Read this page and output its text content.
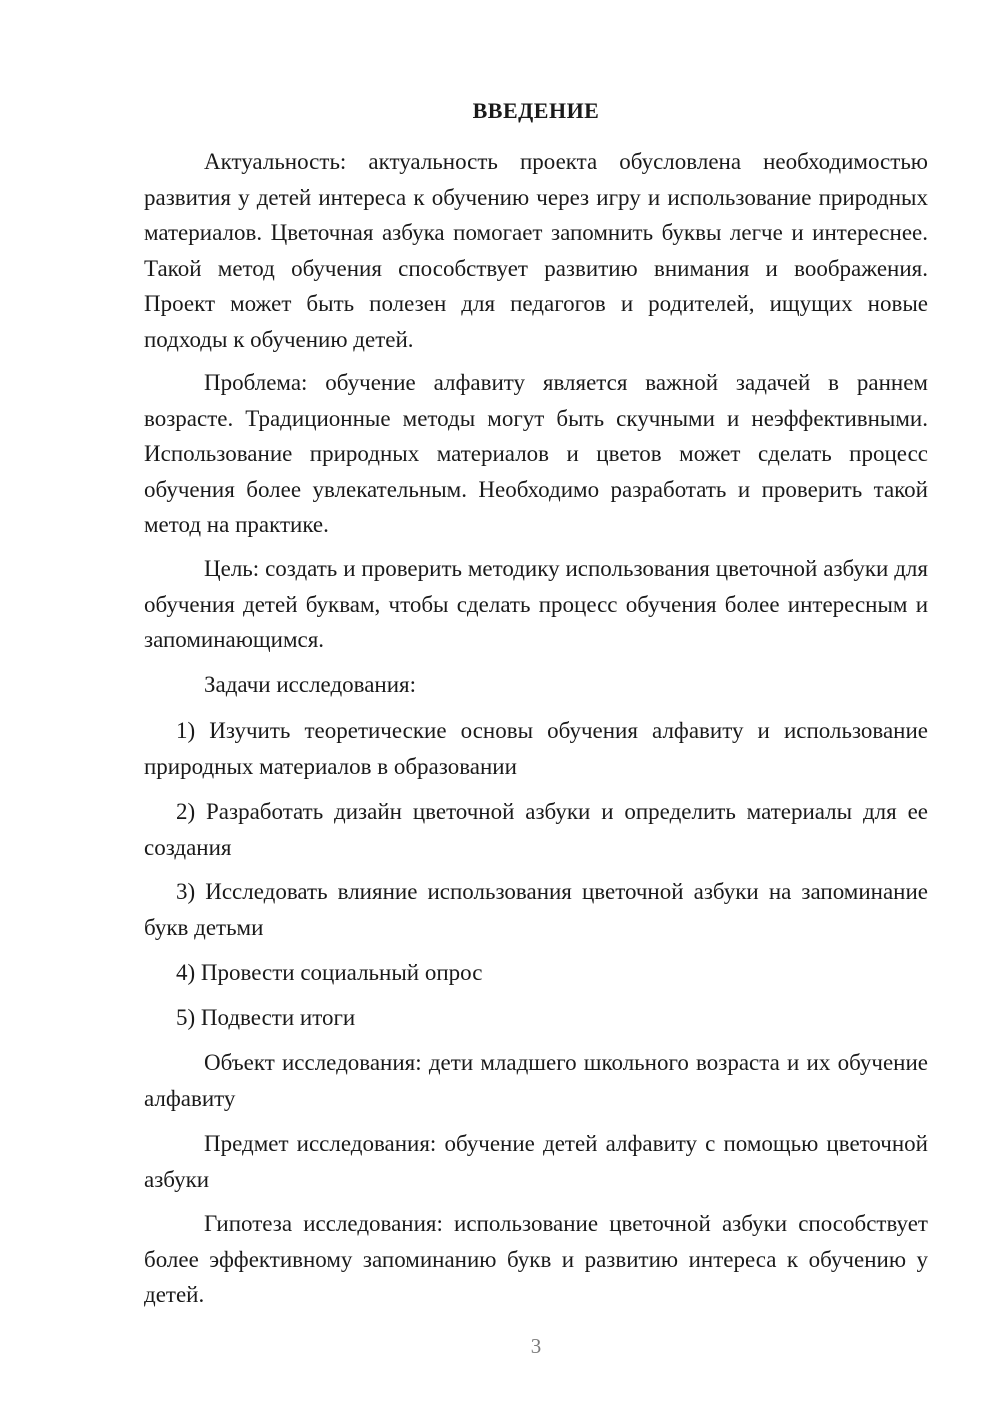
ВВЕДЕНИЕ

Актуальность: актуальность проекта обусловлена необходимостью развития у детей интереса к обучению через игру и использование природных материалов. Цветочная азбука помогает запомнить буквы легче и интереснее. Такой метод обучения способствует развитию внимания и воображения. Проект может быть полезен для педагогов и родителей, ищущих новые подходы к обучению детей.

Проблема: обучение алфавиту является важной задачей в раннем возрасте. Традиционные методы могут быть скучными и неэффективными. Использование природных материалов и цветов может сделать процесс обучения более увлекательным. Необходимо разработать и проверить такой метод на практике.

Цель: создать и проверить методику использования цветочной азбуки для обучения детей буквам, чтобы сделать процесс обучения более интересным и запоминающимся.

Задачи исследования:

1) Изучить теоретические основы обучения алфавиту и использование природных материалов в образовании

2) Разработать дизайн цветочной азбуки и определить материалы для ее создания

3) Исследовать влияние использования цветочной азбуки на запоминание букв детьми

4) Провести социальный опрос

5) Подвести итоги

Объект исследования: дети младшего школьного возраста и их обучение алфавиту

Предмет исследования: обучение детей алфавиту с помощью цветочной азбуки

Гипотеза исследования: использование цветочной азбуки способствует более эффективному запоминанию букв и развитию интереса к обучению у детей.

3
